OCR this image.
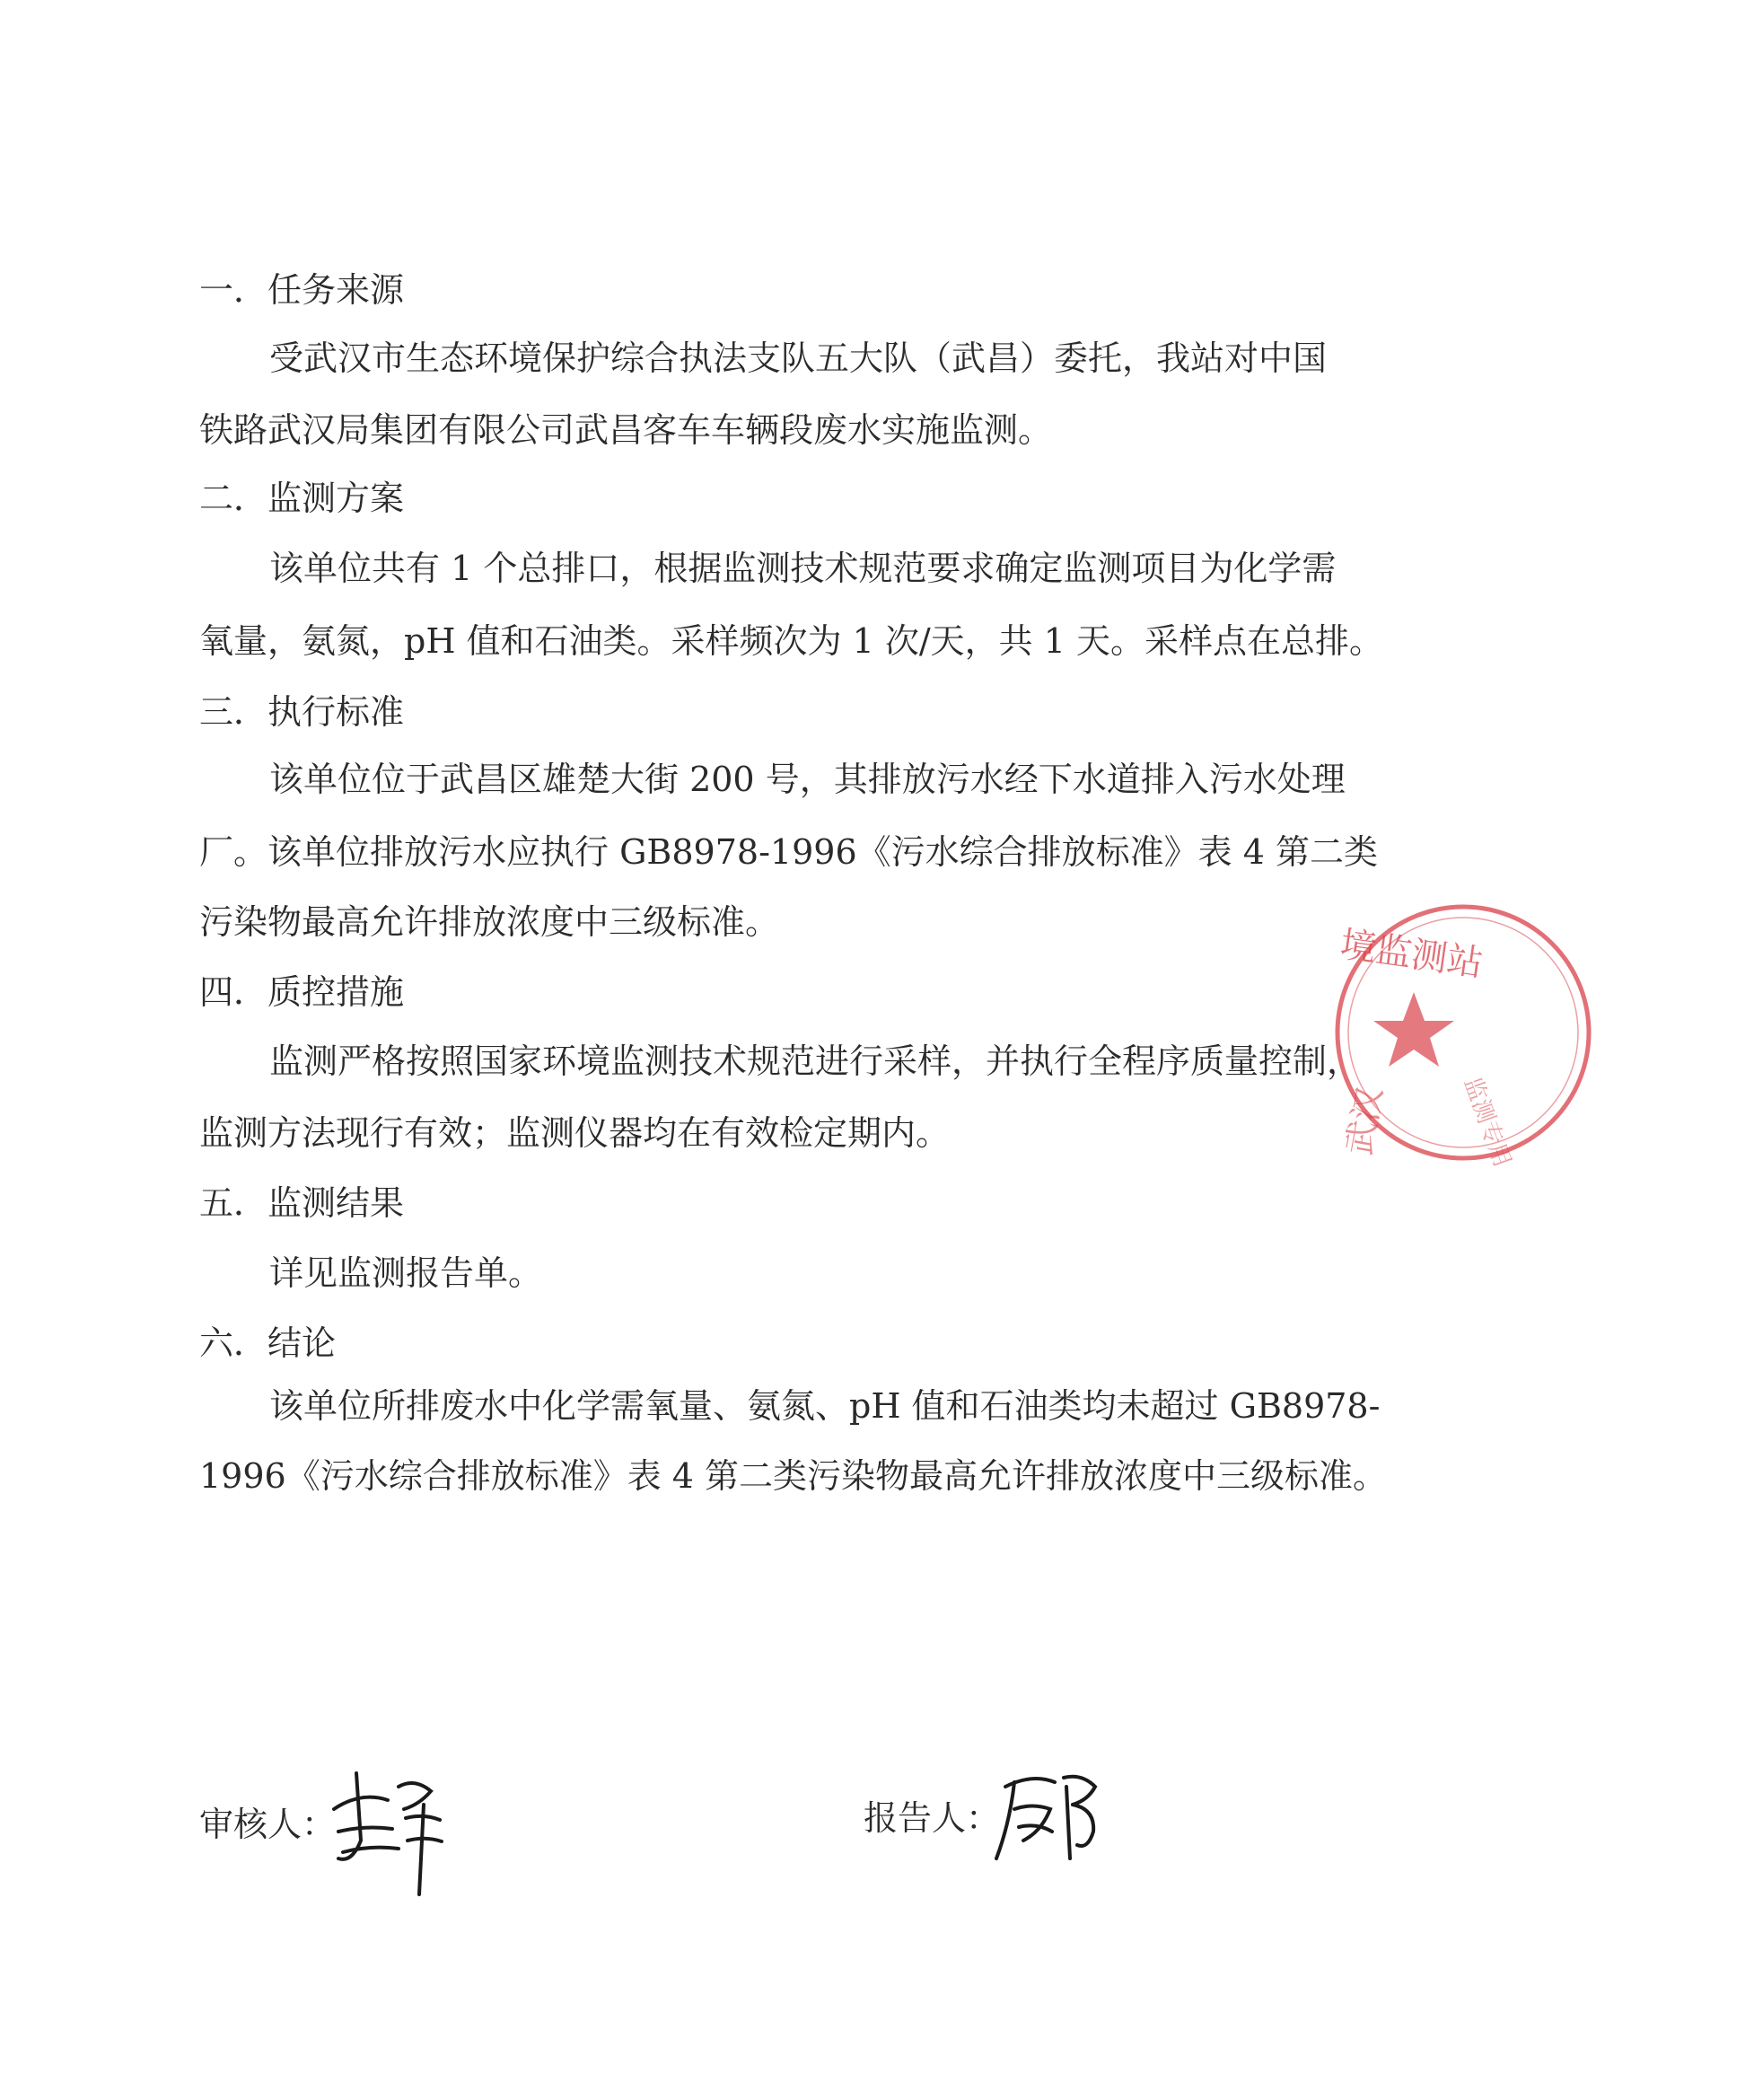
一．任务来源
受武汉市生态环境保护综合执法支队五大队（武昌）委托，我站对中国
铁路武汉局集团有限公司武昌客车车辆段废水实施监测。
二．监测方案
该单位共有 1 个总排口，根据监测技术规范要求确定监测项目为化学需
氧量，氨氮，pH 值和石油类。采样频次为 1 次/天，共 1 天。采样点在总排。
三．执行标准
该单位位于武昌区雄楚大街 200 号，其排放污水经下水道排入污水处理
厂。该单位排放污水应执行 GB8978-1996《污水综合排放标准》表 4 第二类
污染物最高允许排放浓度中三级标准。
四．质控措施
监测严格按照国家环境监测技术规范进行采样，并执行全程序质量控制，
监测方法现行有效；监测仪器均在有效检定期内。
五．监测结果
详见监测报告单。
六．结论
该单位所排废水中化学需氧量、氨氮、pH 值和石油类均未超过 GB8978-
1996《污水综合排放标准》表 4 第二类污染物最高允许排放浓度中三级标准。
境监测站
武汉	监测专用
审核人：	报告人：
